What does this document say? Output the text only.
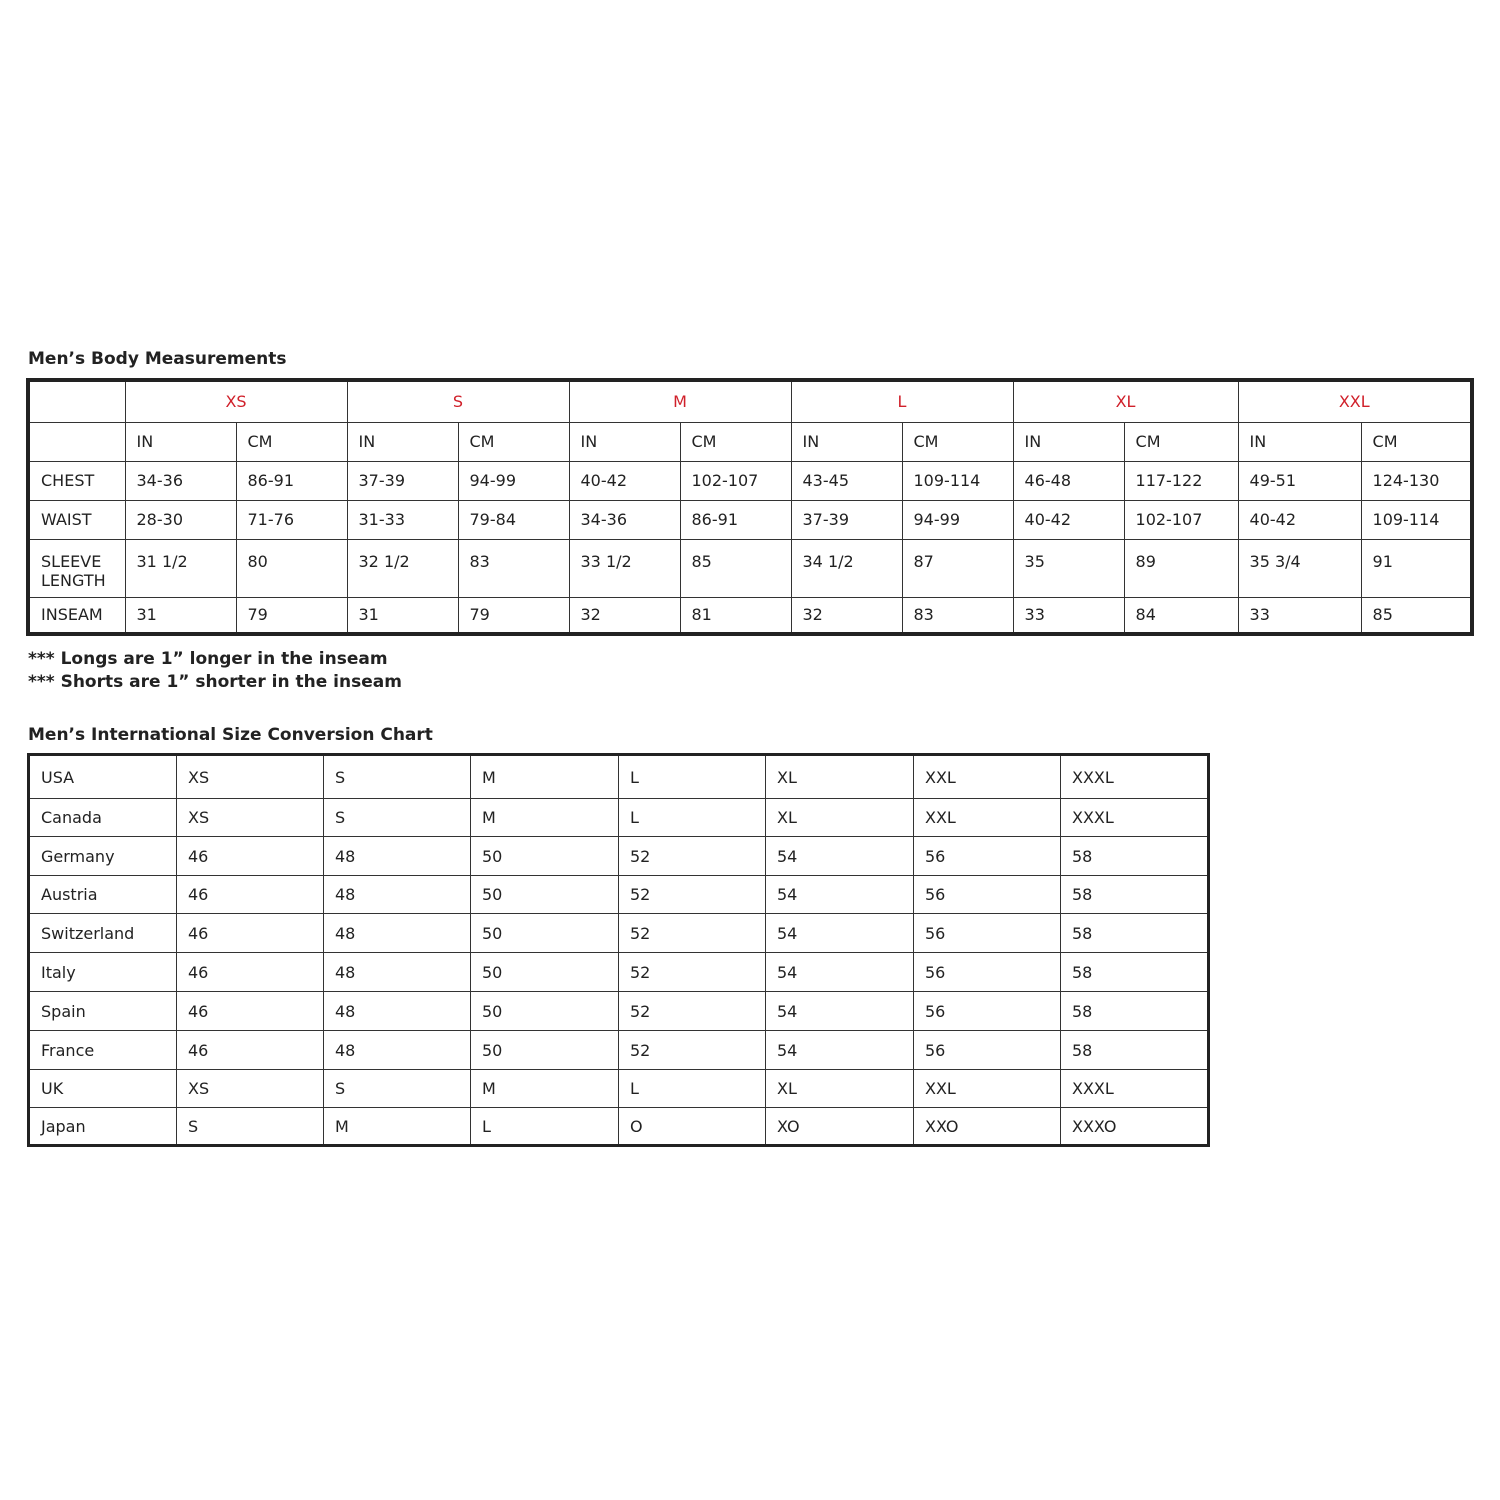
Men’s Body Measurements
	XS		S		M		L		XL		XXL	
	IN	CM	IN	CM	IN	CM	IN	CM	IN	CM	IN	CM
CHEST	34-36	86-91	37-39	94-99	40-42	102-107	43-45	109-114	46-48	117-122	49-51	124-130
WAIST	28-30	71-76	31-33	79-84	34-36	86-91	37-39	94-99	40-42	102-107	40-42	109-114
SLEEVE LENGTH	31 1/2	80	32 1/2	83	33 1/2	85	34 1/2	87	35	89	35 3/4	91
INSEAM	31	79	31	79	32	81	32	83	33	84	33	85
*** Longs are 1” longer in the inseam
*** Shorts are 1” shorter in the inseam
Men’s International Size Conversion Chart
USA	XS	S	M	L	XL	XXL	XXXL
Canada	XS	S	M	L	XL	XXL	XXXL
Germany	46	48	50	52	54	56	58
Austria	46	48	50	52	54	56	58
Switzerland	46	48	50	52	54	56	58
Italy	46	48	50	52	54	56	58
Spain	46	48	50	52	54	56	58
France	46	48	50	52	54	56	58
UK	XS	S	M	L	XL	XXL	XXXL
Japan	S	M	L	O	XO	XXO	XXXO
